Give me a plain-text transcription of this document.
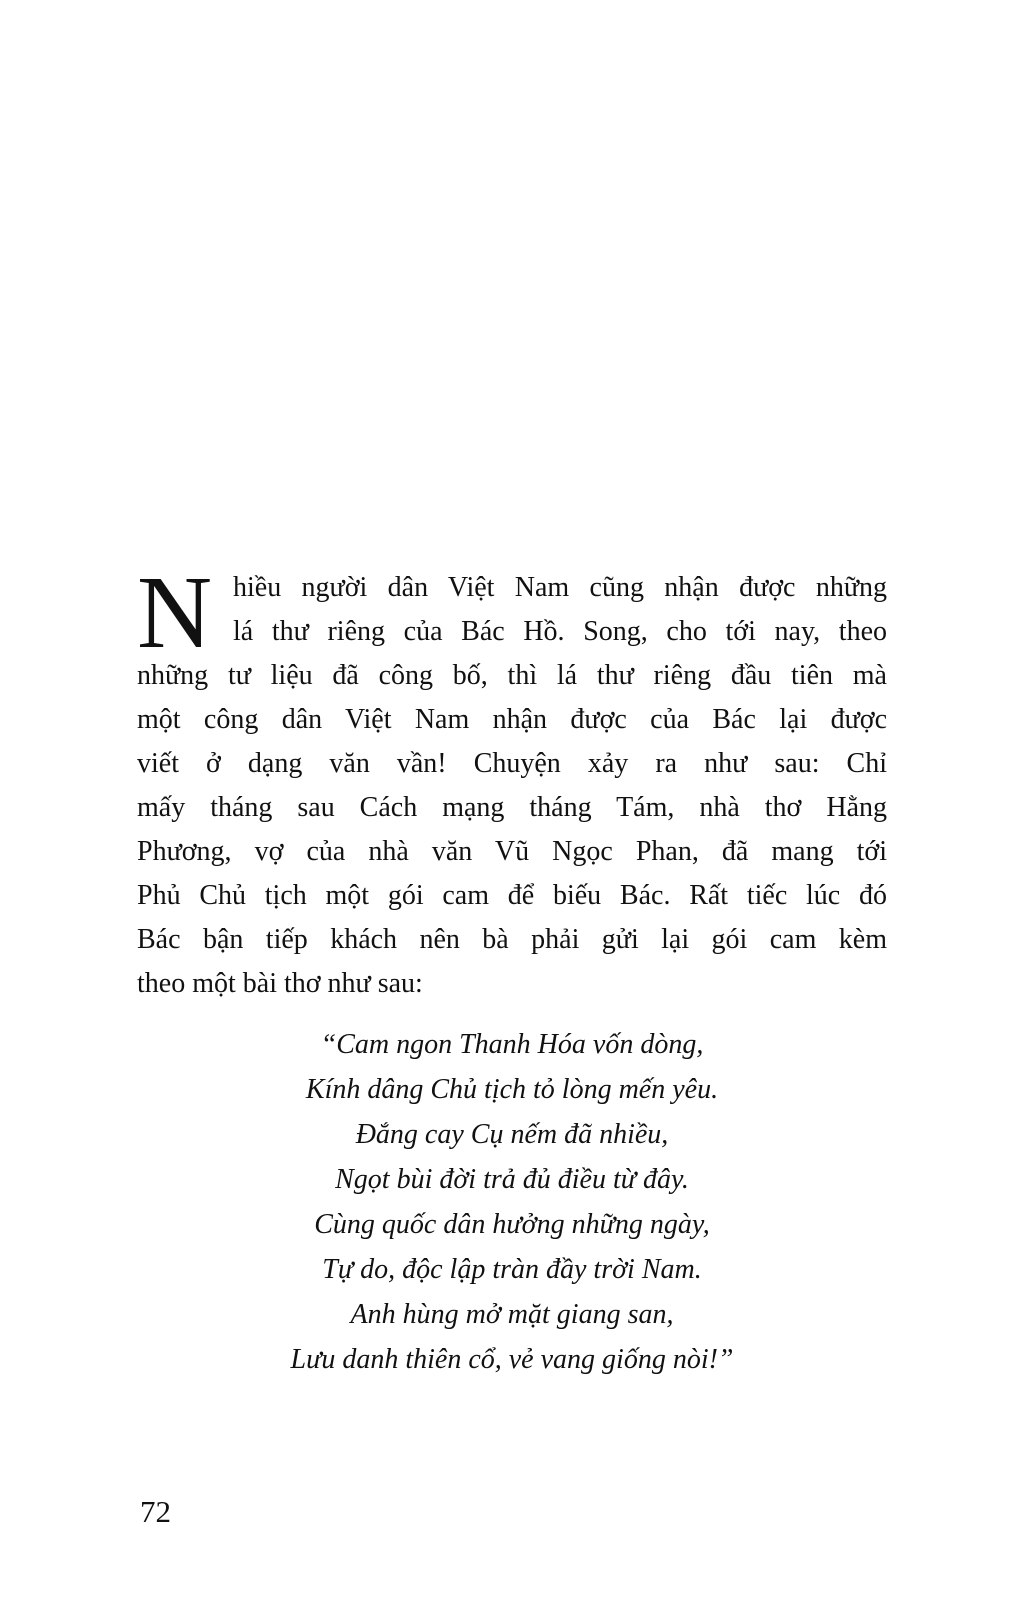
N hiều người dân Việt Nam cũng nhận được những
lá thư riêng của Bác Hồ. Song, cho tới nay, theo
những tư liệu đã công bố, thì lá thư riêng đầu tiên mà
một công dân Việt Nam nhận được của Bác lại được
viết ở dạng văn vần! Chuyện xảy ra như sau: Chỉ
mấy tháng sau Cách mạng tháng Tám, nhà thơ Hằng
Phương, vợ của nhà văn Vũ Ngọc Phan, đã mang tới
Phủ Chủ tịch một gói cam để biếu Bác. Rất tiếc lúc đó
Bác bận tiếp khách nên bà phải gửi lại gói cam kèm
theo một bài thơ như sau:
“Cam ngon Thanh Hóa vốn dòng,
Kính dâng Chủ tịch tỏ lòng mến yêu.
Đắng cay Cụ nếm đã nhiều,
Ngọt bùi đời trả đủ điều từ đây.
Cùng quốc dân hưởng những ngày,
Tự do, độc lập tràn đầy trời Nam.
Anh hùng mở mặt giang san,
Lưu danh thiên cổ, vẻ vang giống nòi!”
72
